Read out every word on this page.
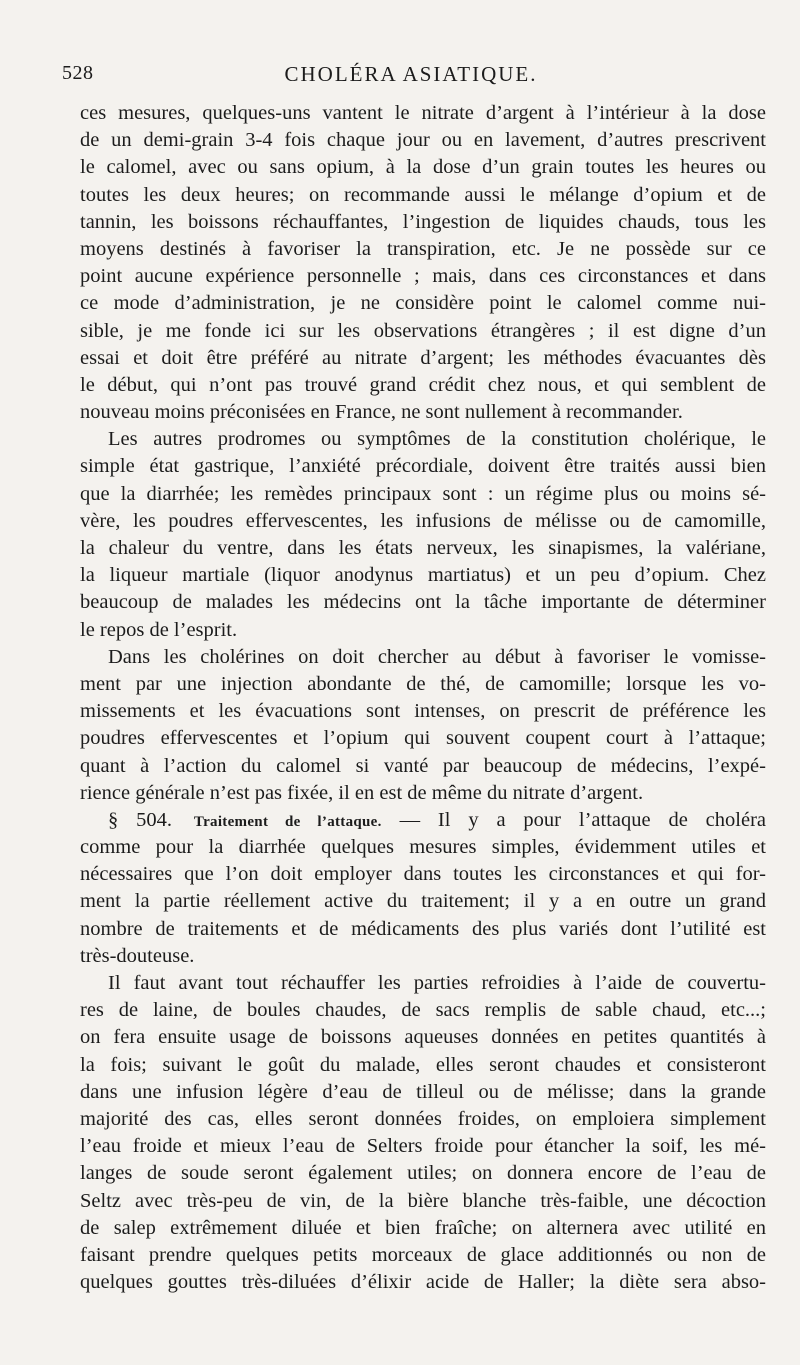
528	CHOLÉRA ASIATIQUE.
ces mesures, quelques-uns vantent le nitrate d’argent à l’intérieur à la dose
de un demi-grain 3-4 fois chaque jour ou en lavement, d’autres prescrivent
le calomel, avec ou sans opium, à la dose d’un grain toutes les heures ou
toutes les deux heures; on recommande aussi le mélange d’opium et de
tannin, les boissons réchauffantes, l’ingestion de liquides chauds, tous les
moyens destinés à favoriser la transpiration, etc. Je ne possède sur ce
point aucune expérience personnelle ; mais, dans ces circonstances et dans
ce mode d’administration, je ne considère point le calomel comme nui-
sible, je me fonde ici sur les observations étrangères ; il est digne d’un
essai et doit être préféré au nitrate d’argent; les méthodes évacuantes dès
le début, qui n’ont pas trouvé grand crédit chez nous, et qui semblent de
nouveau moins préconisées en France, ne sont nullement à recommander.
Les autres prodromes ou symptômes de la constitution cholérique, le
simple état gastrique, l’anxiété précordiale, doivent être traités aussi bien
que la diarrhée; les remèdes principaux sont : un régime plus ou moins sé-
vère, les poudres effervescentes, les infusions de mélisse ou de camomille,
la chaleur du ventre, dans les états nerveux, les sinapismes, la valériane,
la liqueur martiale (liquor anodynus martiatus) et un peu d’opium. Chez
beaucoup de malades les médecins ont la tâche importante de déterminer
le repos de l’esprit.
Dans les cholérines on doit chercher au début à favoriser le vomisse-
ment par une injection abondante de thé, de camomille; lorsque les vo-
missements et les évacuations sont intenses, on prescrit de préférence les
poudres effervescentes et l’opium qui souvent coupent court à l’attaque;
quant à l’action du calomel si vanté par beaucoup de médecins, l’expé-
rience générale n’est pas fixée, il en est de même du nitrate d’argent.
§ 504. Traitement de l’attaque. — Il y a pour l’attaque de choléra
comme pour la diarrhée quelques mesures simples, évidemment utiles et
nécessaires que l’on doit employer dans toutes les circonstances et qui for-
ment la partie réellement active du traitement; il y a en outre un grand
nombre de traitements et de médicaments des plus variés dont l’utilité est
très-douteuse.
Il faut avant tout réchauffer les parties refroidies à l’aide de couvertu-
res de laine, de boules chaudes, de sacs remplis de sable chaud, etc...;
on fera ensuite usage de boissons aqueuses données en petites quantités à
la fois; suivant le goût du malade, elles seront chaudes et consisteront
dans une infusion légère d’eau de tilleul ou de mélisse; dans la grande
majorité des cas, elles seront données froides, on emploiera simplement
l’eau froide et mieux l’eau de Selters froide pour étancher la soif, les mé-
langes de soude seront également utiles; on donnera encore de l’eau de
Seltz avec très-peu de vin, de la bière blanche très-faible, une décoction
de salep extrêmement diluée et bien fraîche; on alternera avec utilité en
faisant prendre quelques petits morceaux de glace additionnés ou non de
quelques gouttes très-diluées d’élixir acide de Haller; la diète sera abso-
